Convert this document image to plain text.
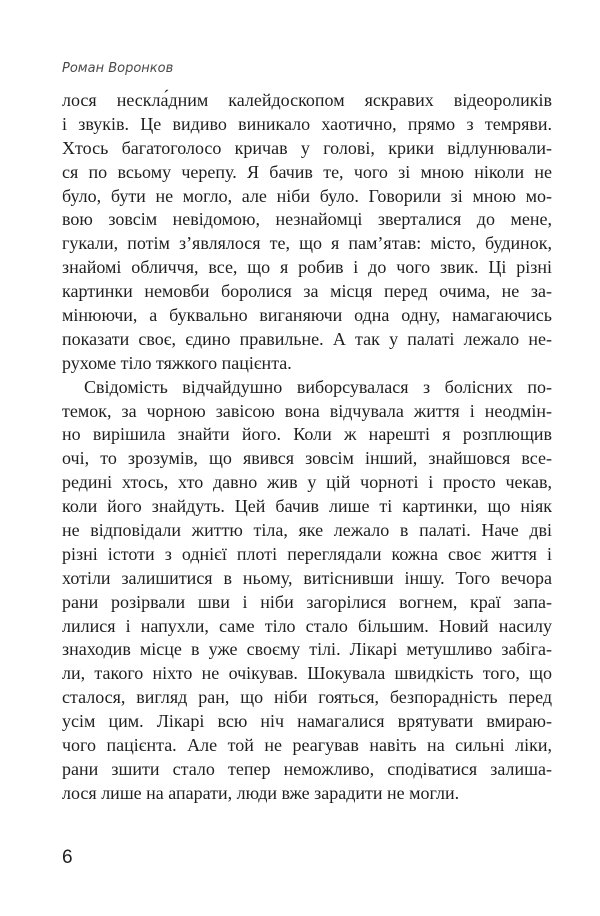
Роман Воронков
лося нескла́дним калейдоскопом яскравих відеороликів
і звуків. Це видиво виникало хаотично, прямо з темряви.
Хтось багатоголосо кричав у голові, крики відлунювали-
ся по всьому черепу. Я бачив те, чого зі мною ніколи не
було, бути не могло, але ніби було. Говорили зі мною мо-
вою зовсім невідомою, незнайомці зверталися до мене,
гукали, потім з’являлося те, що я пам’ятав: місто, будинок,
знайомі обличчя, все, що я робив і до чого звик. Ці різні
картинки немовби боролися за місця перед очима, не за-
мінюючи, а буквально виганяючи одна одну, намагаючись
показати своє, єдино правильне. А так у палаті лежало не-
рухоме тіло тяжкого пацієнта.
Свідомість відчайдушно виборсувалася з болісних по-
темок, за чорною завісою вона відчувала життя і неодмін-
но вирішила знайти його. Коли ж нарешті я розплющив
очі, то зрозумів, що явився зовсім інший, знайшовся все-
редині хтось, хто давно жив у цій чорноті і просто чекав,
коли його знайдуть. Цей бачив лише ті картинки, що ніяк
не відповідали життю тіла, яке лежало в палаті. Наче дві
різні істоти з однієї плоті переглядали кожна своє життя і
хотіли залишитися в ньому, витіснивши іншу. Того вечора
рани розірвали шви і ніби загорілися вогнем, краї запа-
лилися і напухли, саме тіло стало більшим. Новий насилу
знаходив місце в уже своєму тілі. Лікарі метушливо забіга-
ли, такого ніхто не очікував. Шокувала швидкість того, що
сталося, вигляд ран, що ніби гояться, безпорадність перед
усім цим. Лікарі всю ніч намагалися врятувати вмираю-
чого пацієнта. Але той не реагував навіть на сильні ліки,
рани зшити стало тепер неможливо, сподіватися залиша-
лося лише на апарати, люди вже зарадити не могли.
6
